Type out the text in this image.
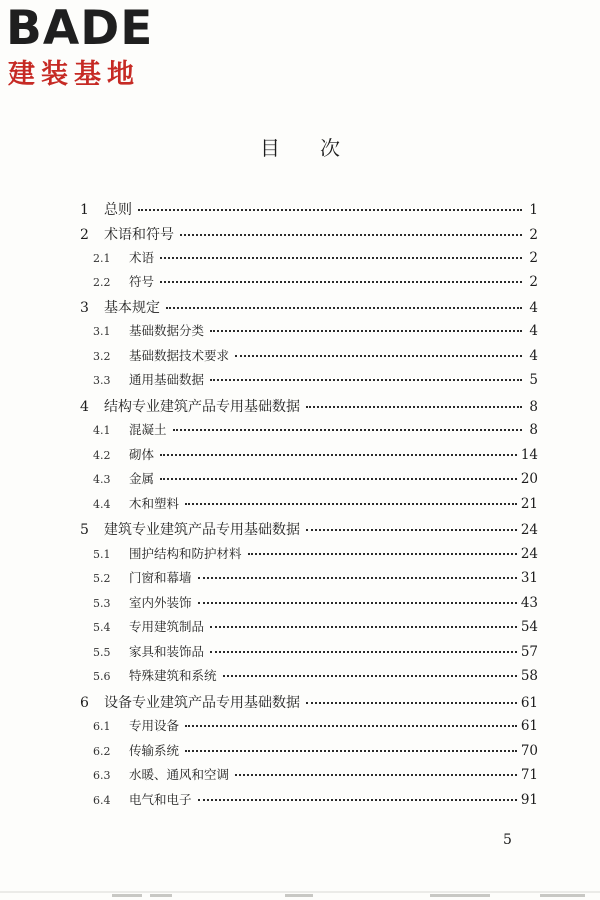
BADE
建装基地
目次
1	总则	1
2	术语和符号	2
2.1	术语	2
2.2	符号	2
3	基本规定	4
3.1	基础数据分类	4
3.2	基础数据技术要求	4
3.3	通用基础数据	5
4	结构专业建筑产品专用基础数据	8
4.1	混凝土	8
4.2	砌体	14
4.3	金属	20
4.4	木和塑料	21
5	建筑专业建筑产品专用基础数据	24
5.1	围护结构和防护材料	24
5.2	门窗和幕墙	31
5.3	室内外装饰	43
5.4	专用建筑制品	54
5.5	家具和装饰品	57
5.6	特殊建筑和系统	58
6	设备专业建筑产品专用基础数据	61
6.1	专用设备	61
6.2	传输系统	70
6.3	水暖、通风和空调	71
6.4	电气和电子	91
5
